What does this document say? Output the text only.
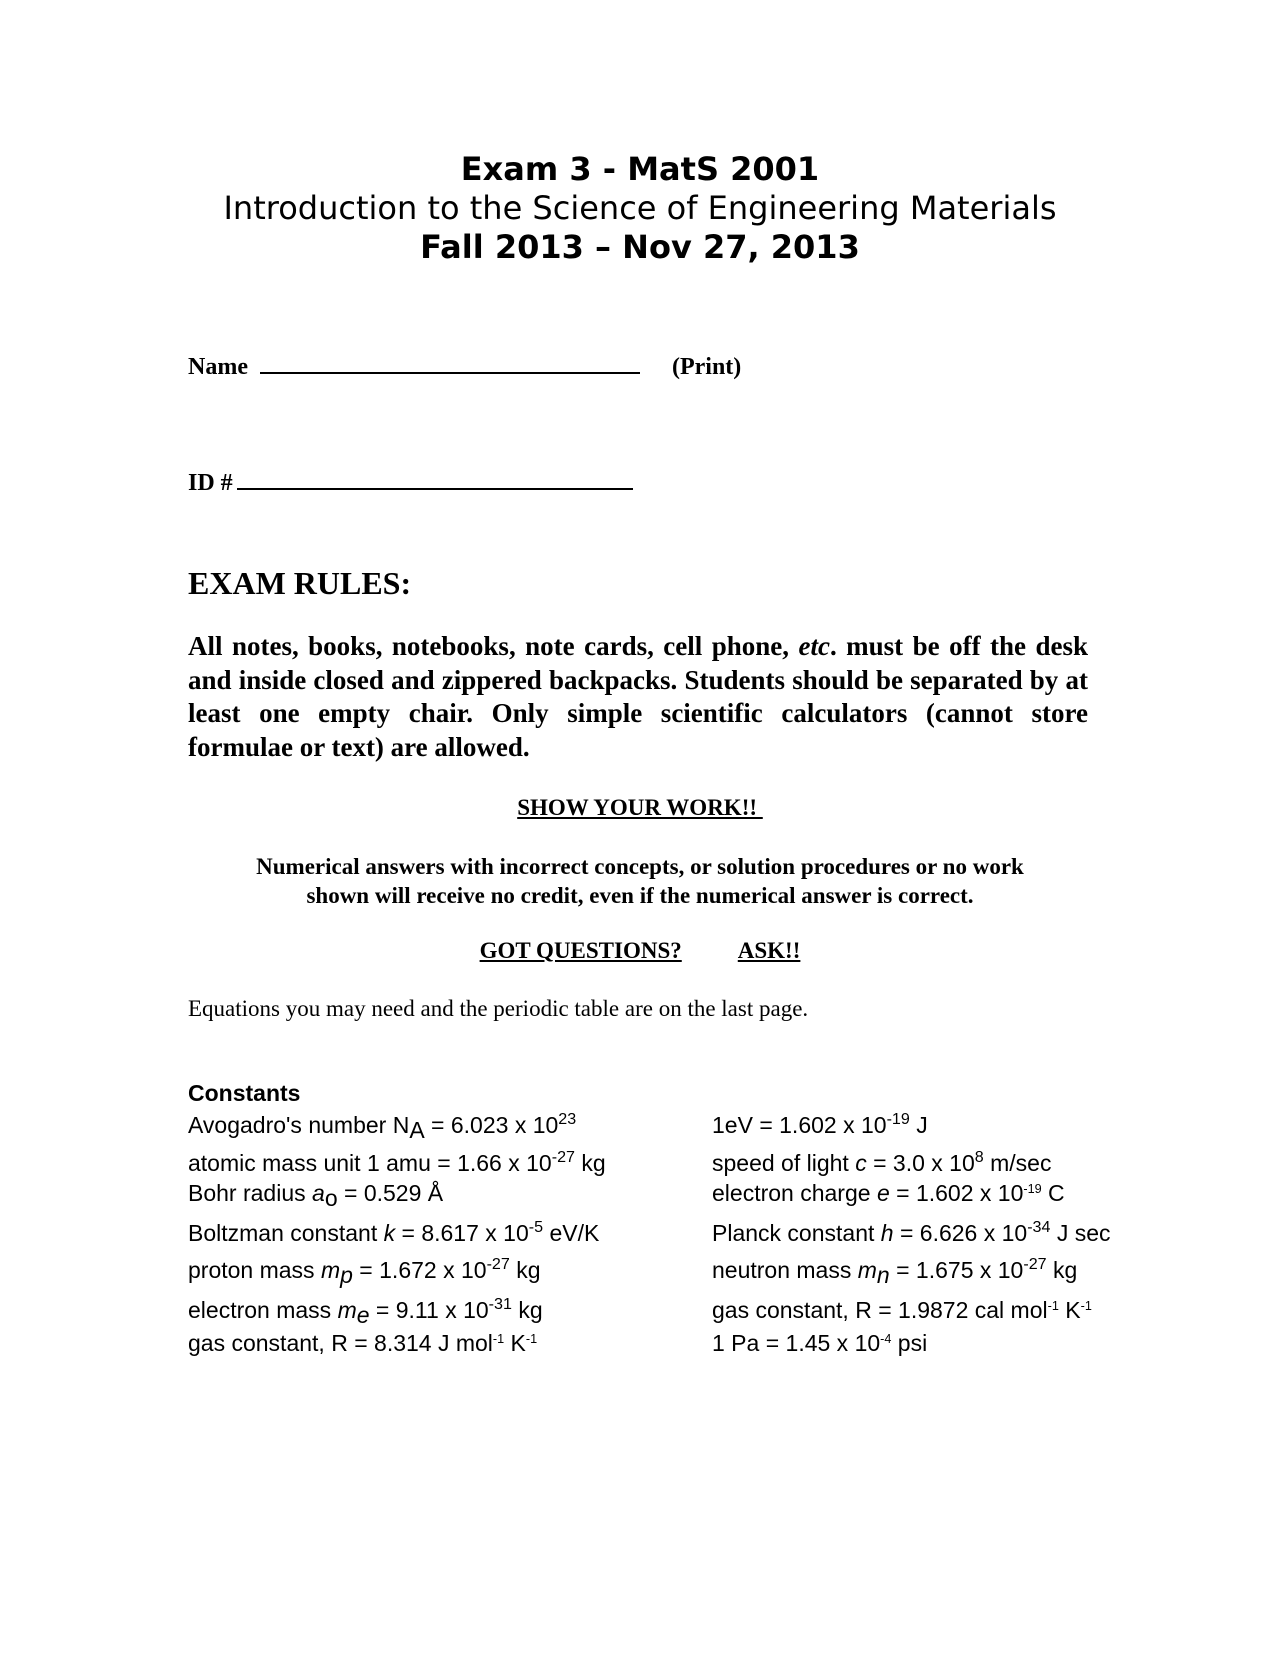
Exam 3 - MatS 2001
Introduction to the Science of Engineering Materials
Fall 2013 – Nov 27, 2013
Name	(Print)
ID #
EXAM RULES:
All notes, books, notebooks, note cards, cell phone, etc. must be off the desk and inside closed and zippered backpacks. Students should be separated by at least one empty chair. Only simple scientific calculators (cannot store formulae or text) are allowed.
SHOW YOUR WORK!!
Numerical answers with incorrect concepts, or solution procedures or no work
shown will receive no credit, even if the numerical answer is correct.
GOT QUESTIONS? ASK!!
Equations you may need and the periodic table are on the last page.
Constants
Avogadro's number $N_A = 6.023$ x $10^{23}$	1eV = 1.602 x $10^{-19}$ J
atomic mass unit 1 amu = 1.66 x $10^{-27}$ kg	speed of light c = 3.0 x $10^8$ m/sec
Bohr radius $a_o = 0.529$ Å	electron charge e = 1.602 x $10^{-19}$ C
Boltzman constant k = 8.617 x $10^{-5}$ eV/K	Planck constant h = 6.626 x $10^{-34}$ J sec
proton mass $m_p = 1.672$ x $10^{-27}$ kg	neutron mass $m_n = 1.675$ x $10^{-27}$ kg
electron mass $m_e = 9.11$ x $10^{-31}$ kg	gas constant, R = 1.9872 cal mol$^{-1}$ $K^{-1}$
gas constant, R = 8.314 J mol$^{-1}$ $K^{-1}$	1 Pa = 1.45 x $10^{-4}$ psi
